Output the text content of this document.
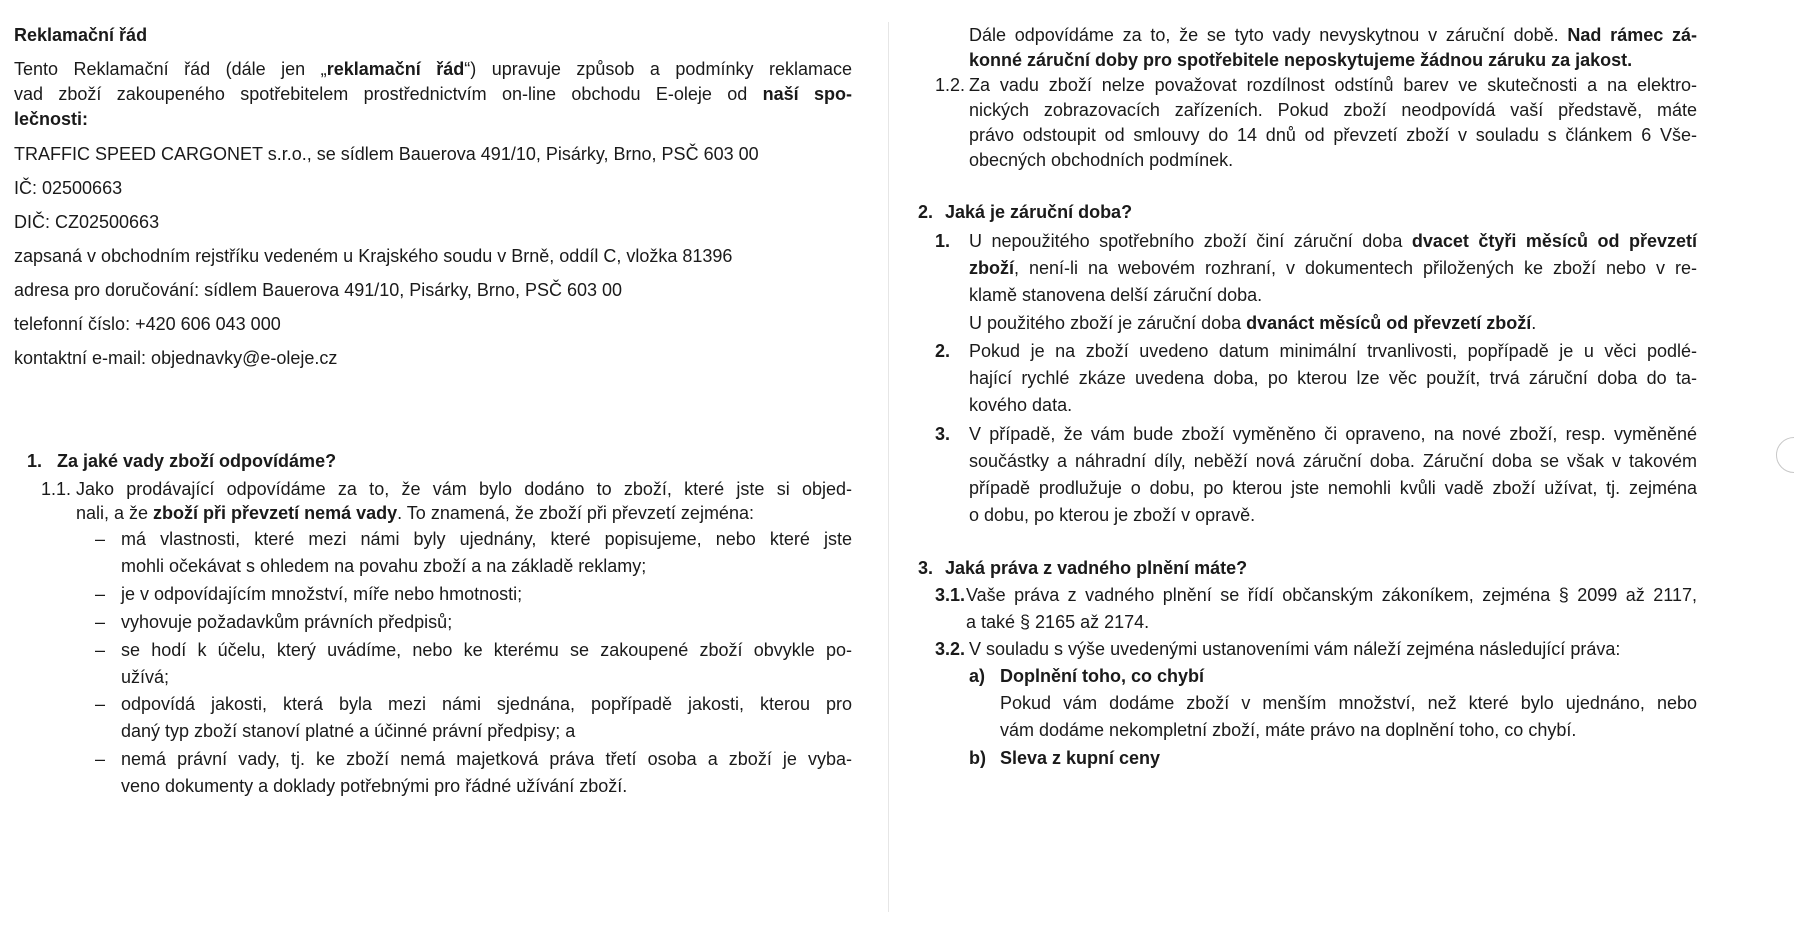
Reklamační řád
Tento Reklamační řád (dále jen „reklamační řád“) upravuje způsob a podmínky reklamace
vad zboží zakoupeného spotřebitelem prostřednictvím on-line obchodu E-oleje od naší spo-
lečnosti:
TRAFFIC SPEED CARGONET s.r.o., se sídlem Bauerova 491/10, Pisárky, Brno, PSČ 603 00
IČ: 02500663
DIČ: CZ02500663
zapsaná v obchodním rejstříku vedeném u Krajského soudu v Brně, oddíl C, vložka 81396
adresa pro doručování: sídlem Bauerova 491/10, Pisárky, Brno, PSČ 603 00
telefonní číslo: +420 606 043 000
kontaktní e-mail: objednavky@e-oleje.cz
1. Za jaké vady zboží odpovídáme?
1.1. Jako prodávající odpovídáme za to, že vám bylo dodáno to zboží, které jste si objed-
nali, a že zboží při převzetí nemá vady. To znamená, že zboží při převzetí zejména:
– má vlastnosti, které mezi námi byly ujednány, které popisujeme, nebo které jste
mohli očekávat s ohledem na povahu zboží a na základě reklamy;
– je v odpovídajícím množství, míře nebo hmotnosti;
– vyhovuje požadavkům právních předpisů;
– se hodí k účelu, který uvádíme, nebo ke kterému se zakoupené zboží obvykle po-
užívá;
– odpovídá jakosti, která byla mezi námi sjednána, popřípadě jakosti, kterou pro
daný typ zboží stanoví platné a účinné právní předpisy; a
– nemá právní vady, tj. ke zboží nemá majetková práva třetí osoba a zboží je vyba-
veno dokumenty a doklady potřebnými pro řádné užívání zboží.
Dále odpovídáme za to, že se tyto vady nevyskytnou v záruční době. Nad rámec zá-
konné záruční doby pro spotřebitele neposkytujeme žádnou záruku za jakost.
1.2. Za vadu zboží nelze považovat rozdílnost odstínů barev ve skutečnosti a na elektro-
nických zobrazovacích zařízeních. Pokud zboží neodpovídá vaší představě, máte
právo odstoupit od smlouvy do 14 dnů od převzetí zboží v souladu s článkem 6 Vše-
obecných obchodních podmínek.
2. Jaká je záruční doba?
1. U nepoužitého spotřebního zboží činí záruční doba dvacet čtyři měsíců od převzetí
zboží, není-li na webovém rozhraní, v dokumentech přiložených ke zboží nebo v re-
klamě stanovena delší záruční doba.
U použitého zboží je záruční doba dvanáct měsíců od převzetí zboží.
2. Pokud je na zboží uvedeno datum minimální trvanlivosti, popřípadě je u věci podlé-
hající rychlé zkáze uvedena doba, po kterou lze věc použít, trvá záruční doba do ta-
kového data.
3. V případě, že vám bude zboží vyměněno či opraveno, na nové zboží, resp. vyměněné
součástky a náhradní díly, neběží nová záruční doba. Záruční doba se však v takovém
případě prodlužuje o dobu, po kterou jste nemohli kvůli vadě zboží užívat, tj. zejména
o dobu, po kterou je zboží v opravě.
3. Jaká práva z vadného plnění máte?
3.1. Vaše práva z vadného plnění se řídí občanským zákoníkem, zejména § 2099 až 2117,
a také § 2165 až 2174.
3.2. V souladu s výše uvedenými ustanoveními vám náleží zejména následující práva:
a) Doplnění toho, co chybí
Pokud vám dodáme zboží v menším množství, než které bylo ujednáno, nebo
vám dodáme nekompletní zboží, máte právo na doplnění toho, co chybí.
b) Sleva z kupní ceny
